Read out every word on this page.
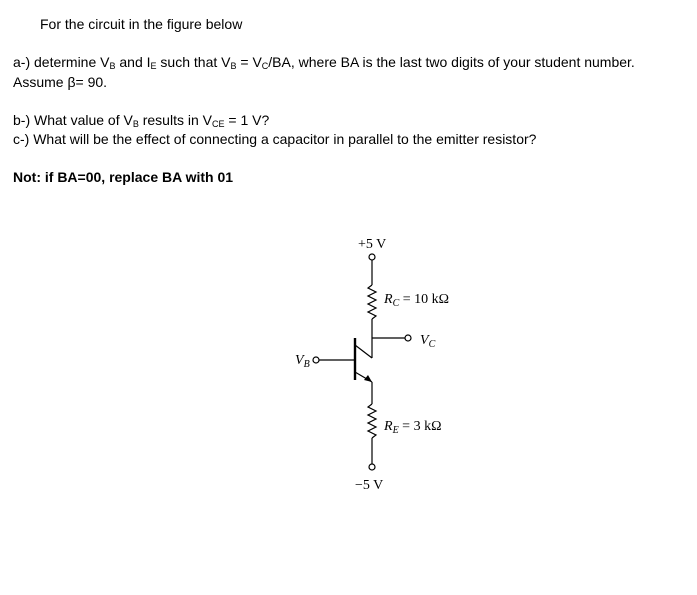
For the circuit in the figure below
a-) determine $V_B$ and $I_E$ such that $V_B = V_C/BA$, where BA is the last two digits of your student number.
Assume β= 90.
b-) What value of $V_B$ results in $V_{CE} = 1$ V?
c-) What will be the effect of connecting a capacitor in parallel to the emitter resistor?
Not: if BA=00, replace BA with 01
+5 V
−5 V
$R_C = 10$ kΩ
$R_E = 3$ kΩ
$V_C$
$V_B$
